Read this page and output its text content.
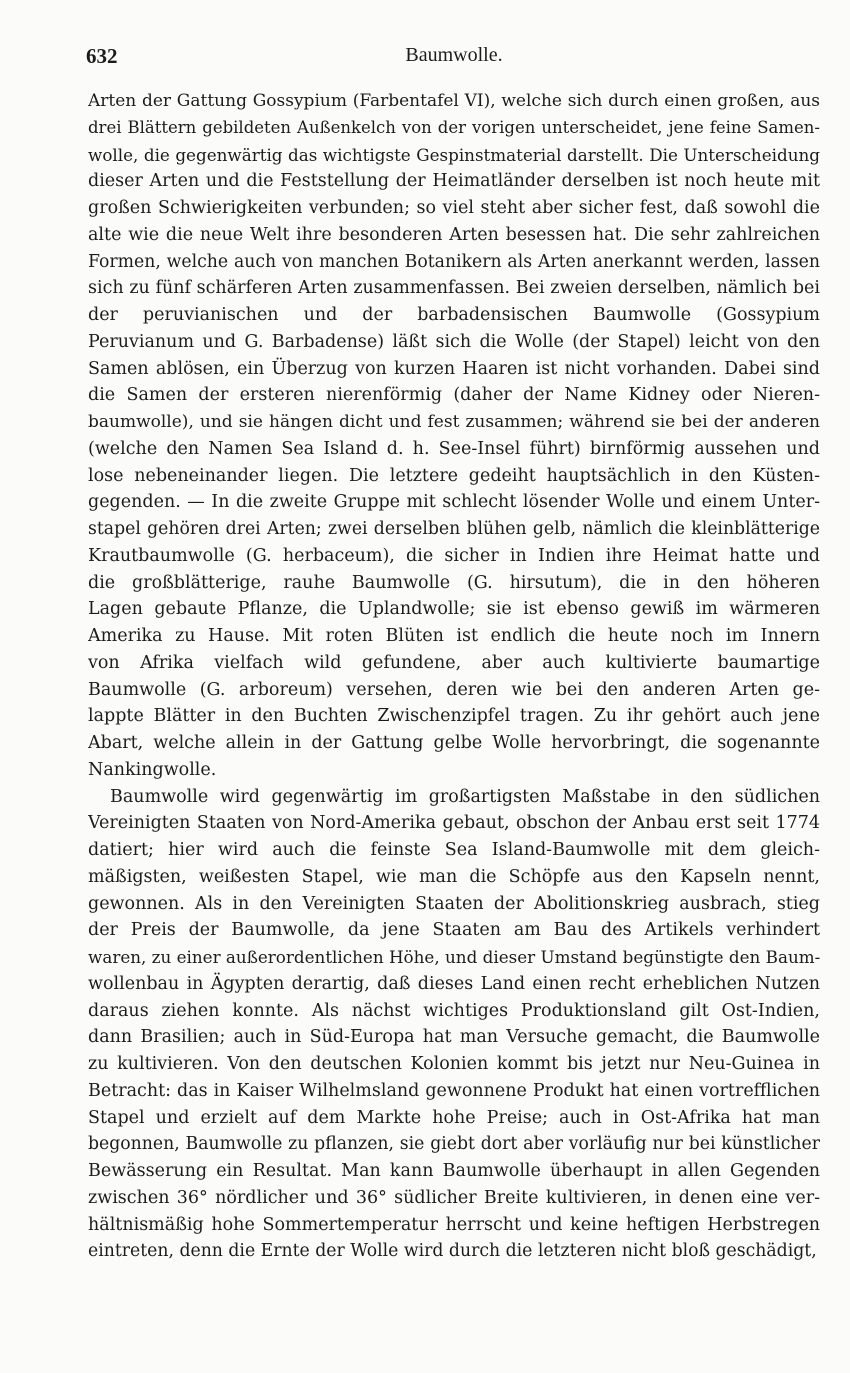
632	Baumwolle.
Arten der Gattung Gossypium (Farbentafel VI), welche sich durch einen großen, aus
drei Blättern gebildeten Außenkelch von der vorigen unterscheidet, jene feine Samen-
wolle, die gegenwärtig das wichtigste Gespinstmaterial darstellt. Die Unterscheidung
dieser Arten und die Feststellung der Heimatländer derselben ist noch heute mit
großen Schwierigkeiten verbunden; so viel steht aber sicher fest, daß sowohl die
alte wie die neue Welt ihre besonderen Arten besessen hat. Die sehr zahlreichen
Formen, welche auch von manchen Botanikern als Arten anerkannt werden, lassen
sich zu fünf schärferen Arten zusammenfassen. Bei zweien derselben, nämlich bei
der peruvianischen und der barbadensischen Baumwolle (Gossypium
Peruvianum und G. Barbadense) läßt sich die Wolle (der Stapel) leicht von den
Samen ablösen, ein Überzug von kurzen Haaren ist nicht vorhanden. Dabei sind
die Samen der ersteren nierenförmig (daher der Name Kidney oder Nieren-
baumwolle), und sie hängen dicht und fest zusammen; während sie bei der anderen
(welche den Namen Sea Island d. h. See-Insel führt) birnförmig aussehen und
lose nebeneinander liegen. Die letztere gedeiht hauptsächlich in den Küsten-
gegenden. — In die zweite Gruppe mit schlecht lösender Wolle und einem Unter-
stapel gehören drei Arten; zwei derselben blühen gelb, nämlich die kleinblätterige
Krautbaumwolle (G. herbaceum), die sicher in Indien ihre Heimat hatte und
die großblätterige, rauhe Baumwolle (G. hirsutum), die in den höheren
Lagen gebaute Pflanze, die Uplandwolle; sie ist ebenso gewiß im wärmeren
Amerika zu Hause. Mit roten Blüten ist endlich die heute noch im Innern
von Afrika vielfach wild gefundene, aber auch kultivierte baumartige
Baumwolle (G. arboreum) versehen, deren wie bei den anderen Arten ge-
lappte Blätter in den Buchten Zwischenzipfel tragen. Zu ihr gehört auch jene
Abart, welche allein in der Gattung gelbe Wolle hervorbringt, die sogenannte
Nankingwolle.
Baumwolle wird gegenwärtig im großartigsten Maßstabe in den südlichen
Vereinigten Staaten von Nord-Amerika gebaut, obschon der Anbau erst seit 1774
datiert; hier wird auch die feinste Sea Island-Baumwolle mit dem gleich-
mäßigsten, weißesten Stapel, wie man die Schöpfe aus den Kapseln nennt,
gewonnen. Als in den Vereinigten Staaten der Abolitionskrieg ausbrach, stieg
der Preis der Baumwolle, da jene Staaten am Bau des Artikels verhindert
waren, zu einer außerordentlichen Höhe, und dieser Umstand begünstigte den Baum-
wollenbau in Ägypten derartig, daß dieses Land einen recht erheblichen Nutzen
daraus ziehen konnte. Als nächst wichtiges Produktionsland gilt Ost-Indien,
dann Brasilien; auch in Süd-Europa hat man Versuche gemacht, die Baumwolle
zu kultivieren. Von den deutschen Kolonien kommt bis jetzt nur Neu-Guinea in
Betracht: das in Kaiser Wilhelmsland gewonnene Produkt hat einen vortrefflichen
Stapel und erzielt auf dem Markte hohe Preise; auch in Ost-Afrika hat man
begonnen, Baumwolle zu pflanzen, sie giebt dort aber vorläufig nur bei künstlicher
Bewässerung ein Resultat. Man kann Baumwolle überhaupt in allen Gegenden
zwischen 36° nördlicher und 36° südlicher Breite kultivieren, in denen eine ver-
hältnismäßig hohe Sommertemperatur herrscht und keine heftigen Herbstregen
eintreten, denn die Ernte der Wolle wird durch die letzteren nicht bloß geschädigt,
